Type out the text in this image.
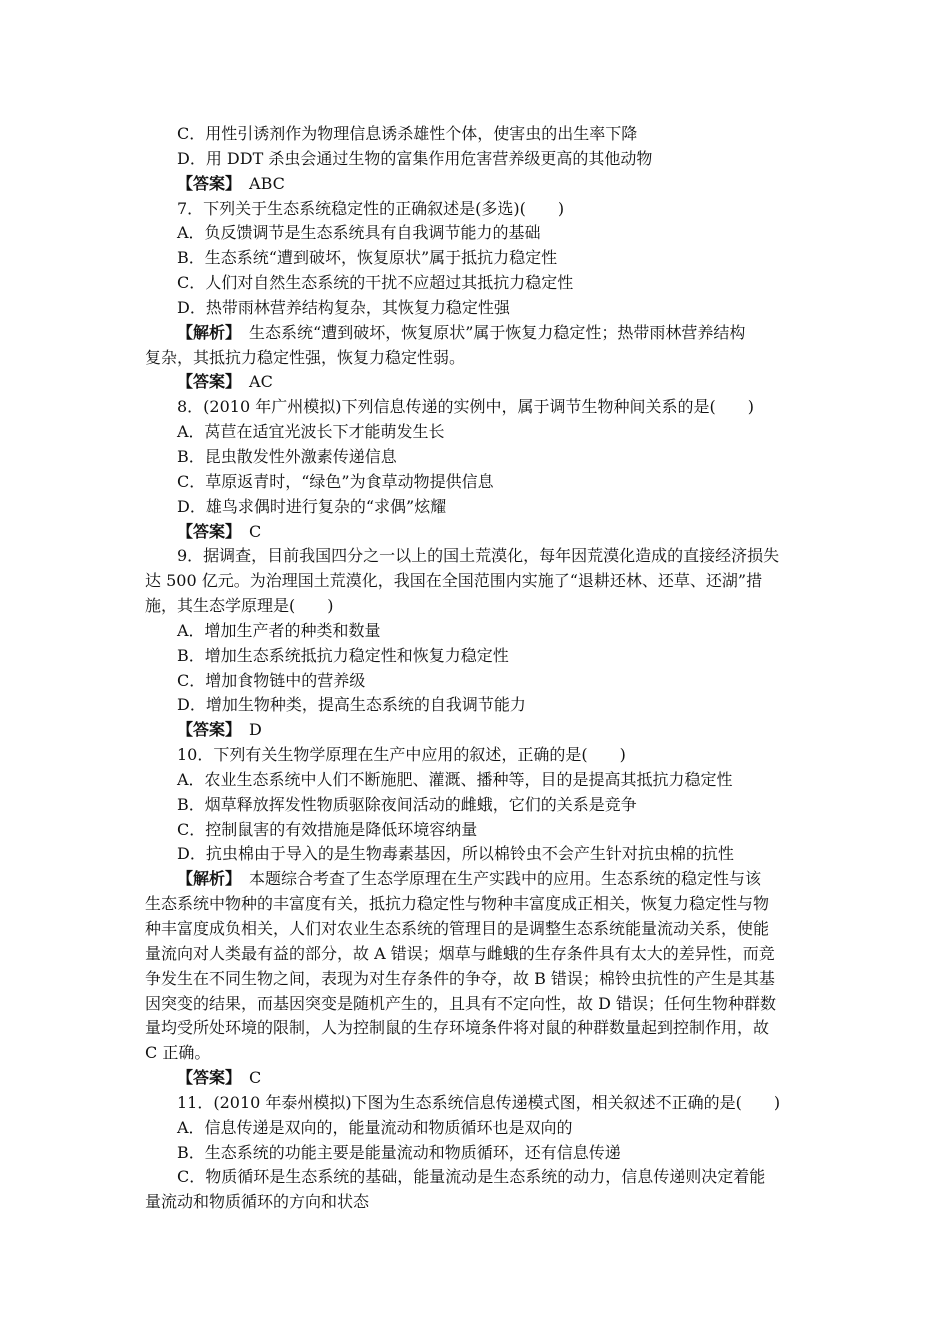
C．用性引诱剂作为物理信息诱杀雄性个体，使害虫的出生率下降
D．用 DDT 杀虫会通过生物的富集作用危害营养级更高的其他动物
【答案】　ABC
7．下列关于生态系统稳定性的正确叙述是(多选)(　　)
A．负反馈调节是生态系统具有自我调节能力的基础
B．生态系统“遭到破坏，恢复原状”属于抵抗力稳定性
C．人们对自然生态系统的干扰不应超过其抵抗力稳定性
D．热带雨林营养结构复杂，其恢复力稳定性强
【解析】　生态系统“遭到破坏，恢复原状”属于恢复力稳定性；热带雨林营养结构
复杂，其抵抗力稳定性强，恢复力稳定性弱。
【答案】　AC
8．(2010 年广州模拟)下列信息传递的实例中，属于调节生物种间关系的是(　　)
A．莴苣在适宜光波长下才能萌发生长
B．昆虫散发性外激素传递信息
C．草原返青时，“绿色”为食草动物提供信息
D．雄鸟求偶时进行复杂的“求偶”炫耀
【答案】　C
9．据调查，目前我国四分之一以上的国土荒漠化，每年因荒漠化造成的直接经济损失
达 500 亿元。为治理国土荒漠化，我国在全国范围内实施了“退耕还林、还草、还湖”措
施，其生态学原理是(　　)
A．增加生产者的种类和数量
B．增加生态系统抵抗力稳定性和恢复力稳定性
C．增加食物链中的营养级
D．增加生物种类，提高生态系统的自我调节能力
【答案】　D
10．下列有关生物学原理在生产中应用的叙述，正确的是(　　)
A．农业生态系统中人们不断施肥、灌溉、播种等，目的是提高其抵抗力稳定性
B．烟草释放挥发性物质驱除夜间活动的雌蛾，它们的关系是竞争
C．控制鼠害的有效措施是降低环境容纳量
D．抗虫棉由于导入的是生物毒素基因，所以棉铃虫不会产生针对抗虫棉的抗性
【解析】　本题综合考查了生态学原理在生产实践中的应用。生态系统的稳定性与该
生态系统中物种的丰富度有关，抵抗力稳定性与物种丰富度成正相关，恢复力稳定性与物
种丰富度成负相关，人们对农业生态系统的管理目的是调整生态系统能量流动关系，使能
量流向对人类最有益的部分，故 A 错误；烟草与雌蛾的生存条件具有太大的差异性，而竞
争发生在不同生物之间，表现为对生存条件的争夺，故 B 错误；棉铃虫抗性的产生是其基
因突变的结果，而基因突变是随机产生的，且具有不定向性，故 D 错误；任何生物种群数
量均受所处环境的限制，人为控制鼠的生存环境条件将对鼠的种群数量起到控制作用，故
C 正确。
【答案】　C
11．(2010 年泰州模拟)下图为生态系统信息传递模式图，相关叙述不正确的是(　　)
A．信息传递是双向的，能量流动和物质循环也是双向的
B．生态系统的功能主要是能量流动和物质循环，还有信息传递
C．物质循环是生态系统的基础，能量流动是生态系统的动力，信息传递则决定着能
量流动和物质循环的方向和状态
